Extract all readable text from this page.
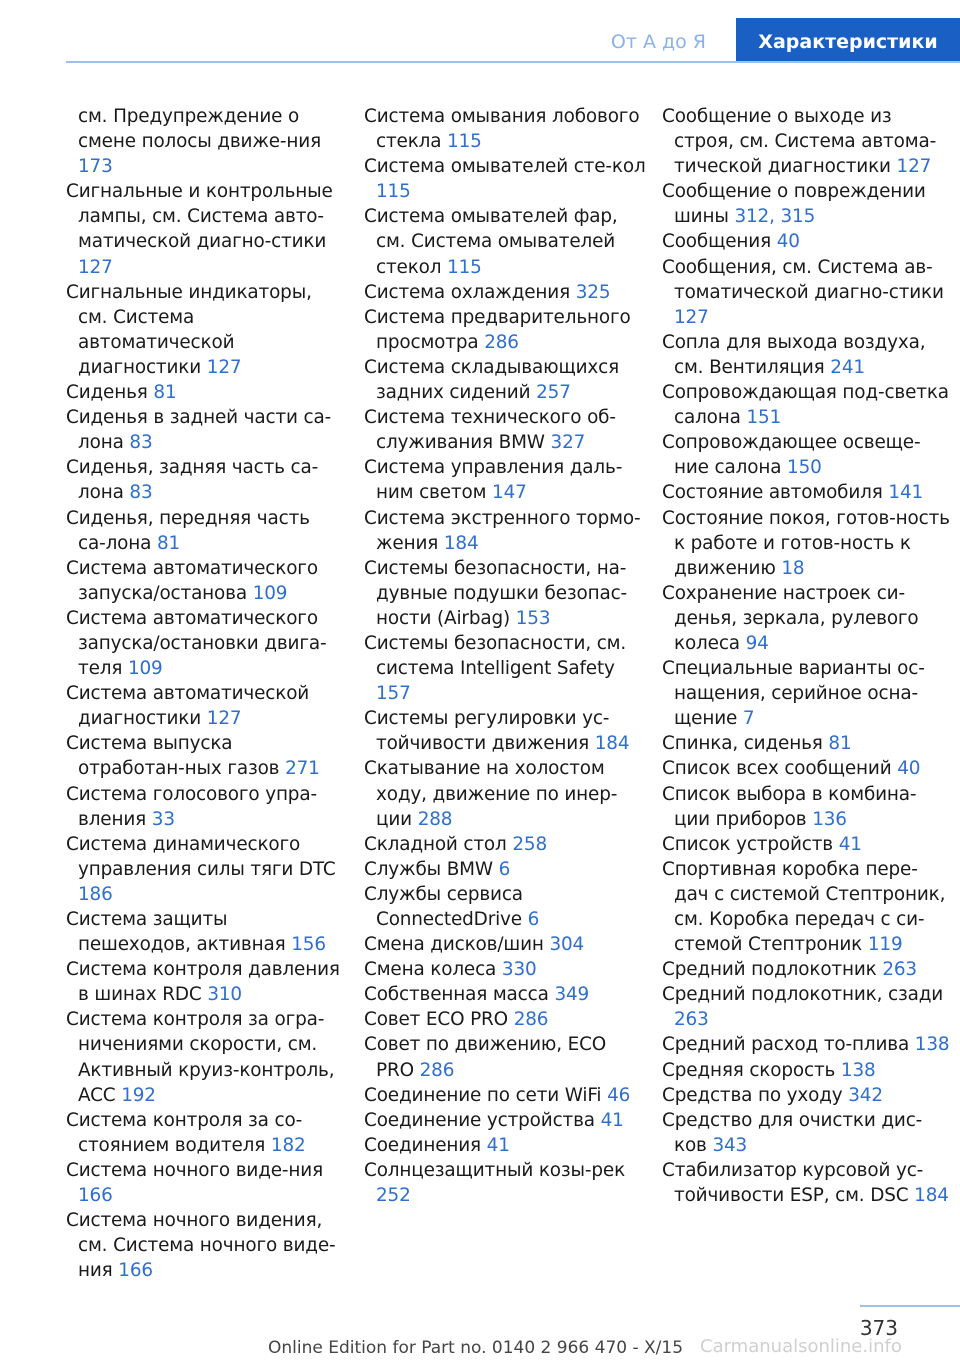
От А до Я	Характеристики
см. Предупреждение о смене полосы движе-ния 173
Сигнальные и контрольные лампы, см. Система авто-матической диагно-стики 127
Сигнальные индикаторы, см. Система автоматической диагностики 127
Сиденья 81
Сиденья в задней части са-лона 83
Сиденья, задняя часть са-лона 83
Сиденья, передняя часть са-лона 81
Система автоматического запуска/останова 109
Система автоматического запуска/остановки двига-теля 109
Система автоматической диагностики 127
Система выпуска отработан-ных газов 271
Система голосового упра-вления 33
Система динамического управления силы тяги DTC 186
Система защиты пешеходов, активная 156
Система контроля давления в шинах RDC 310
Система контроля за огра-ничениями скорости, см. Активный круиз-контроль, ACC 192
Система контроля за со-стоянием водителя 182
Система ночного виде-ния 166
Система ночного видения, см. Система ночного виде-ния 166
Система омывания лобового стекла 115
Система омывателей сте-кол 115
Система омывателей фар, см. Система омывателей стекол 115
Система охлаждения 325
Система предварительного просмотра 286
Система складывающихся задних сидений 257
Система технического об-служивания BMW 327
Система управления даль-ним светом 147
Система экстренного тормо-жения 184
Системы безопасности, на-дувные подушки безопас-ности (Airbag) 153
Системы безопасности, см. система Intelligent Safety 157
Системы регулировки ус-тойчивости движения 184
Скатывание на холостом ходу, движение по инер-ции 288
Складной стол 258
Службы BMW 6
Службы сервиса ConnectedDrive 6
Смена дисков/шин 304
Смена колеса 330
Собственная масса 349
Совет ECO PRO 286
Совет по движению, ECO PRO 286
Соединение по сети WiFi 46
Соединение устройства 41
Соединения 41
Солнцезащитный козы-рек 252
Сообщение о выходе из строя, см. Система автома-тической диагностики 127
Сообщение о повреждении шины 312, 315
Сообщения 40
Сообщения, см. Система ав-томатической диагно-стики 127
Сопла для выхода воздуха, см. Вентиляция 241
Сопровождающая под-светка салона 151
Сопровождающее освеще-ние салона 150
Состояние автомобиля 141
Состояние покоя, готов-ность к работе и готов-ность к движению 18
Сохранение настроек си-денья, зеркала, рулевого колеса 94
Специальные варианты ос-нащения, серийное осна-щение 7
Спинка, сиденья 81
Список всех сообщений 40
Список выбора в комбина-ции приборов 136
Список устройств 41
Спортивная коробка пере-дач с системой Стептроник, см. Коробка передач с си-стемой Стептроник 119
Средний подлокотник 263
Средний подлокотник, сзади 263
Средний расход то-плива 138
Средняя скорость 138
Средства по уходу 342
Средство для очистки дис-ков 343
Стабилизатор курсовой ус-тойчивости ESP, см. DSC 184
373
Online Edition for Part no. 0140 2 966 470 - X/15 Carmanualsonline.info
